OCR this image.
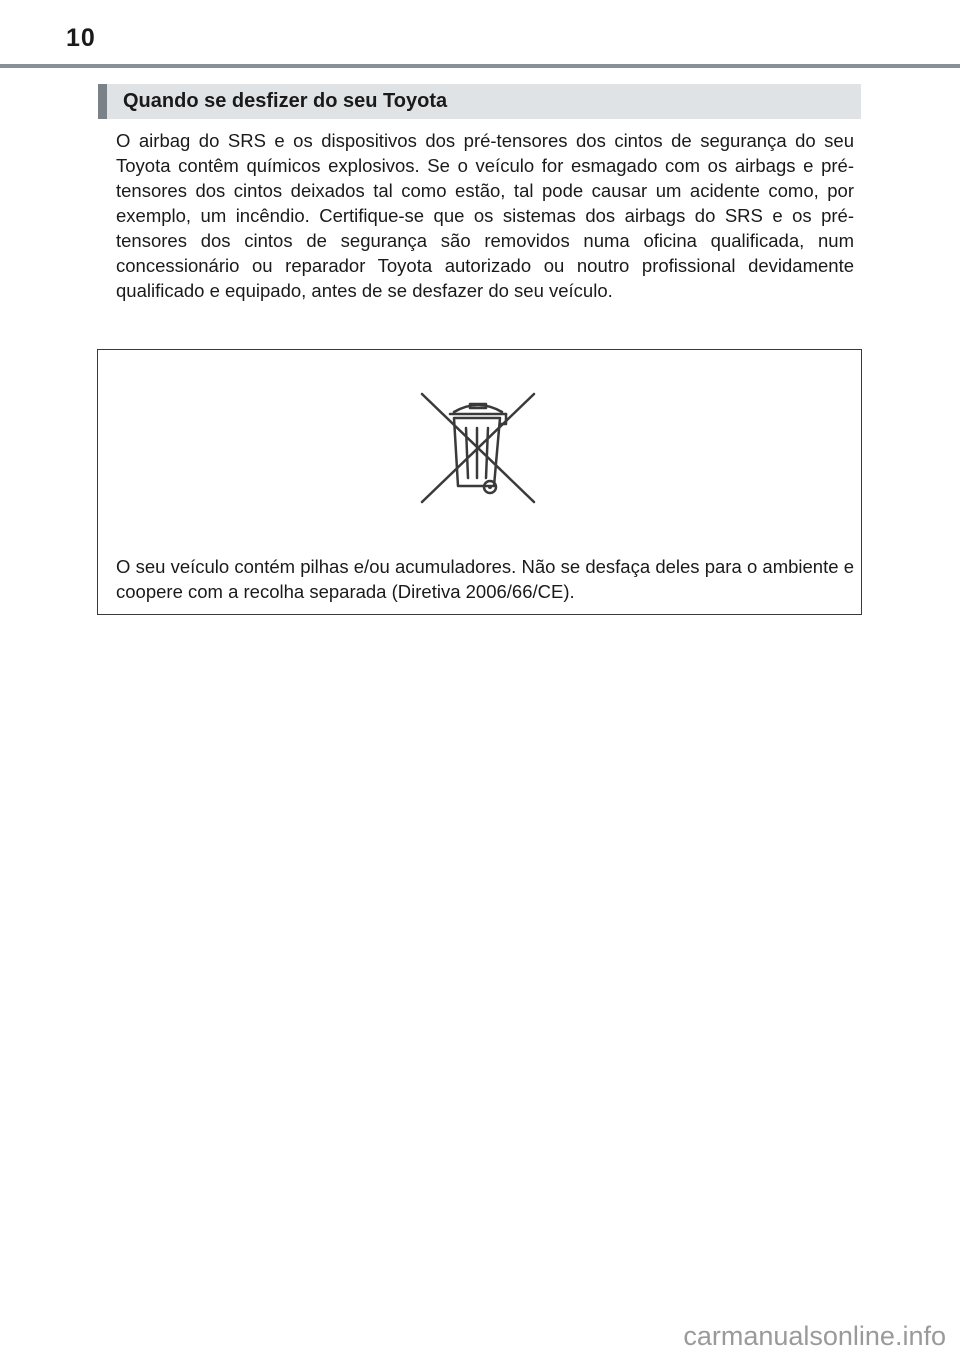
10
Quando se desfizer do seu Toyota

O airbag do SRS e os dispositivos dos pré-tensores dos cintos de segurança do seu Toyota contêm químicos explosivos. Se o veículo for esmagado com os airbags e pré-tensores dos cintos deixados tal como estão, tal pode causar um acidente como, por exemplo, um incêndio. Certifique-se que os sistemas dos airbags do SRS e os pré-tensores dos cintos de segurança são removidos numa oficina qualificada, num concessionário ou reparador Toyota autorizado ou noutro profissional devidamente qualificado e equipado, antes de se desfazer do seu veículo.

O seu veículo contém pilhas e/ou acumuladores. Não se desfaça deles para o ambiente e coopere com a recolha separada (Diretiva 2006/66/CE).

carmanualsonline.info
